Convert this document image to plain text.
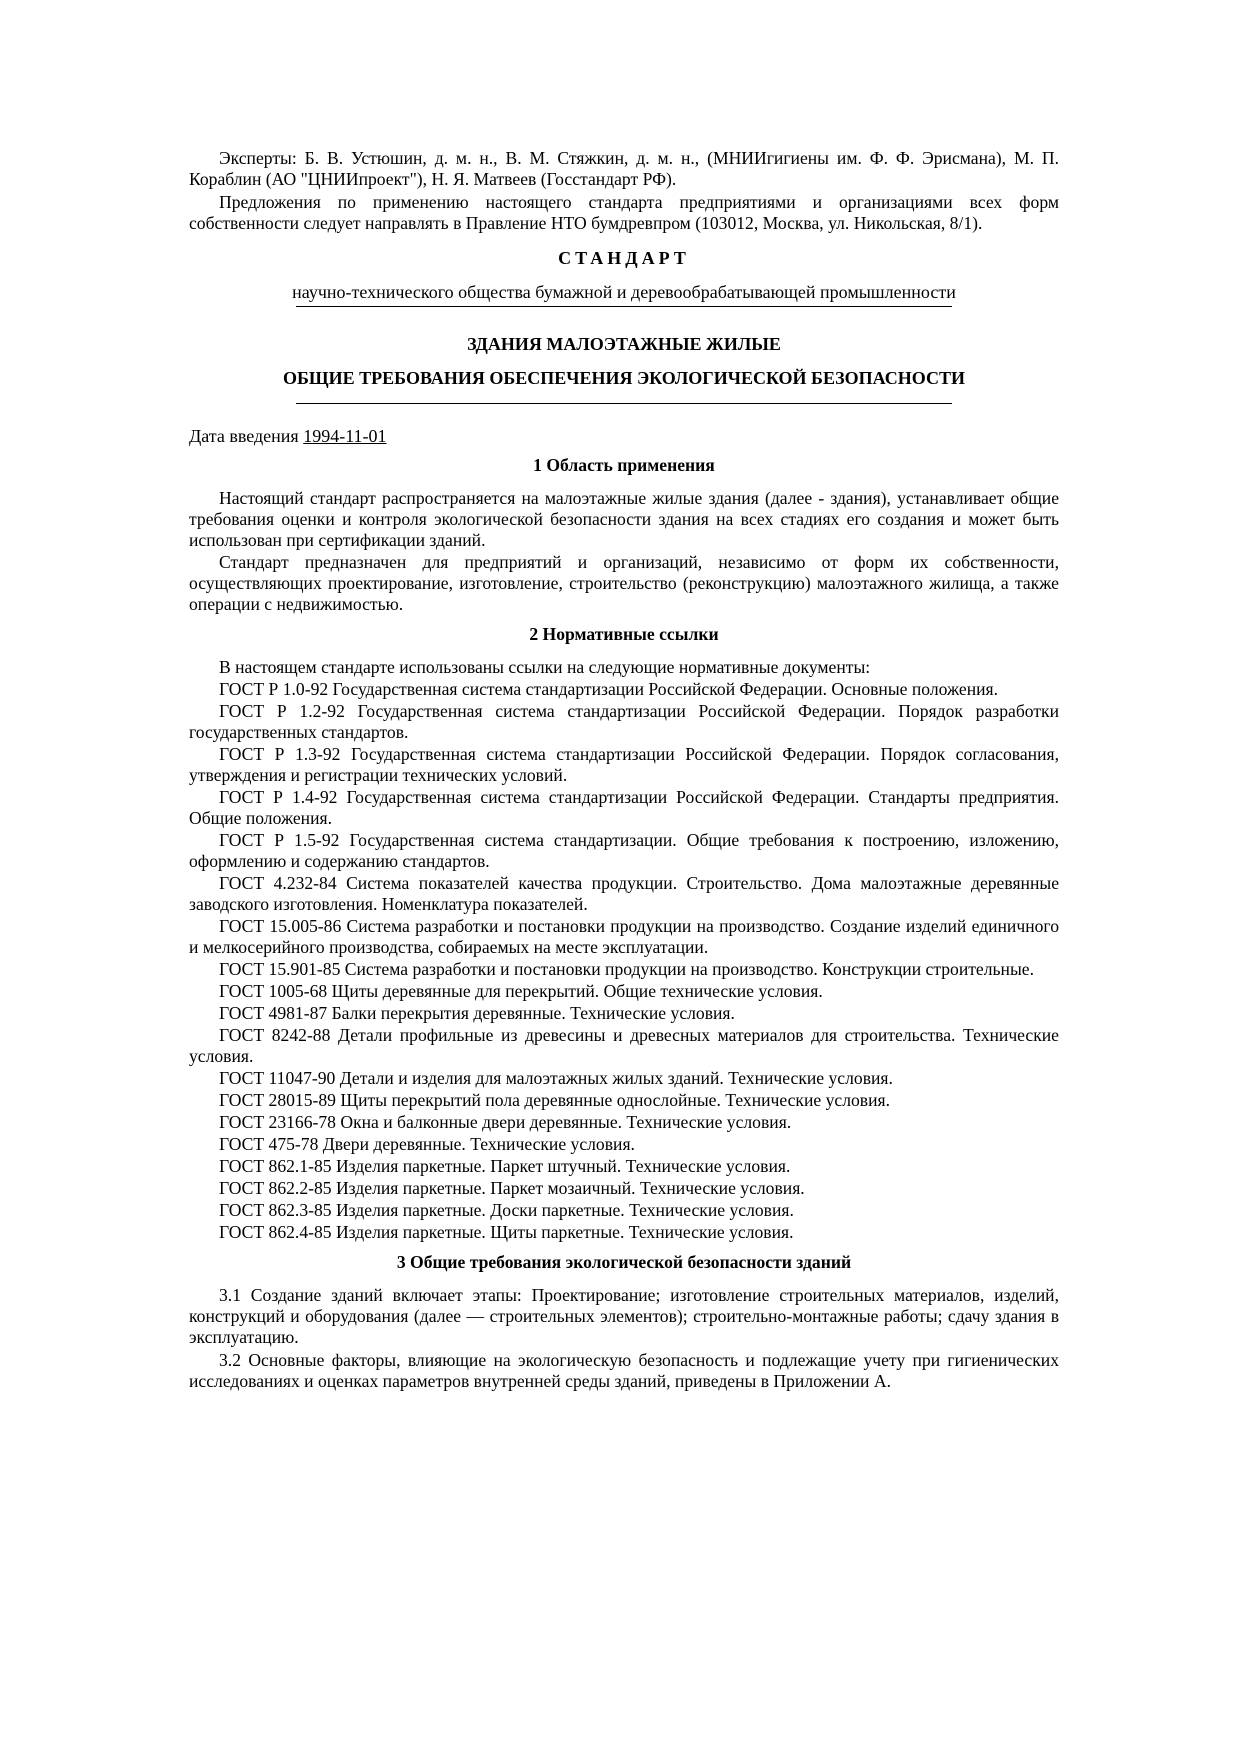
Эксперты: Б. В. Устюшин, д. м. н., В. М. Стяжкин, д. м. н., (МНИИгигиены им. Ф. Ф. Эрисмана), М. П. Кораблин (АО "ЦНИИпроект"), Н. Я. Матвеев (Госстандарт РФ).

Предложения по применению настоящего стандарта предприятиями и организациями всех форм собственности следует направлять в Правление НТО бумдревпром (103012, Москва, ул. Никольская, 8/1).

СТАНДАРТ

научно-технического общества бумажной и деревообрабатывающей промышленности

ЗДАНИЯ МАЛОЭТАЖНЫЕ ЖИЛЫЕ

ОБЩИЕ ТРЕБОВАНИЯ ОБЕСПЕЧЕНИЯ ЭКОЛОГИЧЕСКОЙ БЕЗОПАСНОСТИ

Дата введения 1994-11-01

1 Область применения

Настоящий стандарт распространяется на малоэтажные жилые здания (далее - здания), устанавливает общие требования оценки и контроля экологической безопасности здания на всех стадиях его создания и может быть использован при сертификации зданий.

Стандарт предназначен для предприятий и организаций, независимо от форм их собственности, осуществляющих проектирование, изготовление, строительство (реконструкцию) малоэтажного жилища, а также операции с недвижимостью.

2 Нормативные ссылки

В настоящем стандарте использованы ссылки на следующие нормативные документы:

ГОСТ Р 1.0-92 Государственная система стандартизации Российской Федерации. Основные положения.

ГОСТ Р 1.2-92 Государственная система стандартизации Российской Федерации. Порядок разработки государственных стандартов.

ГОСТ Р 1.3-92 Государственная система стандартизации Российской Федерации. Порядок согласования, утверждения и регистрации технических условий.

ГОСТ Р 1.4-92 Государственная система стандартизации Российской Федерации. Стандарты предприятия. Общие положения.

ГОСТ Р 1.5-92 Государственная система стандартизации. Общие требования к построению, изложению, оформлению и содержанию стандартов.

ГОСТ 4.232-84 Система показателей качества продукции. Строительство. Дома малоэтажные деревянные заводского изготовления. Номенклатура показателей.

ГОСТ 15.005-86 Система разработки и постановки продукции на производство. Создание изделий единичного и мелкосерийного производства, собираемых на месте эксплуатации.

ГОСТ 15.901-85 Система разработки и постановки продукции на производство. Конструкции строительные.

ГОСТ 1005-68 Щиты деревянные для перекрытий. Общие технические условия.

ГОСТ 4981-87 Балки перекрытия деревянные. Технические условия.

ГОСТ 8242-88 Детали профильные из древесины и древесных материалов для строительства. Технические условия.

ГОСТ 11047-90 Детали и изделия для малоэтажных жилых зданий. Технические условия.

ГОСТ 28015-89 Щиты перекрытий пола деревянные однослойные. Технические условия.

ГОСТ 23166-78 Окна и балконные двери деревянные. Технические условия.

ГОСТ 475-78 Двери деревянные. Технические условия.

ГОСТ 862.1-85 Изделия паркетные. Паркет штучный. Технические условия.

ГОСТ 862.2-85 Изделия паркетные. Паркет мозаичный. Технические условия.

ГОСТ 862.3-85 Изделия паркетные. Доски паркетные. Технические условия.

ГОСТ 862.4-85 Изделия паркетные. Щиты паркетные. Технические условия.

3 Общие требования экологической безопасности зданий

3.1 Создание зданий включает этапы: Проектирование; изготовление строительных материалов, изделий, конструкций и оборудования (далее — строительных элементов); строительно-монтажные работы; сдачу здания в эксплуатацию.

3.2 Основные факторы, влияющие на экологическую безопасность и подлежащие учету при гигиенических исследованиях и оценках параметров внутренней среды зданий, приведены в Приложении А.
